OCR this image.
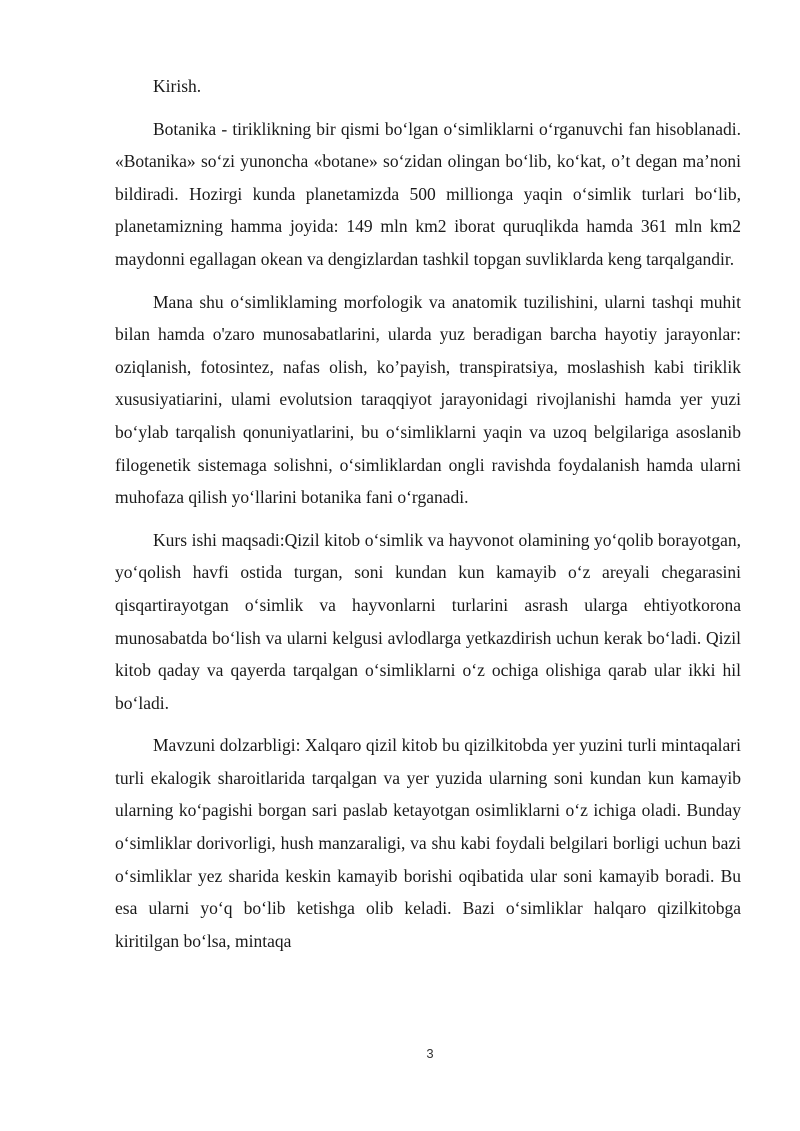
Kirish.

Botanika - tiriklikning bir qismi boʻlgan oʻsimliklarni oʻrganuvchi fan hisoblanadi. «Botanika» soʻzi yunoncha «botane» soʻzidan olingan boʻlib, koʻkat, o’t degan ma’noni bildiradi. Hozirgi kunda planetamizda 500 millionga yaqin oʻsimlik turlari boʻlib, planetamizning hamma joyida: 149 mln km2 iborat quruqlikda hamda 361 mln km2 maydonni egallagan okean va dengizlardan tashkil topgan suvliklarda keng tarqalgandir.

Mana shu oʻsimliklaming morfologik va anatomik tuzilishini, ularni tashqi muhit bilan hamda o'zaro munosabatlarini, ularda yuz beradigan barcha hayotiy jarayonlar: oziqlanish, fotosintez, nafas olish, ko’payish, transpiratsiya, moslashish kabi tiriklik xususiyatiarini, ulami evolutsion taraqqiyot jarayonidagi rivojlanishi hamda yer yuzi boʻylab tarqalish qonuniyatlarini, bu oʻsimliklarni yaqin va uzoq belgilariga asoslanib filogenetik sistemaga solishni, oʻsimliklardan ongli ravishda foydalanish hamda ularni muhofaza qilish yoʻllarini botanika fani oʻrganadi.

Kurs ishi maqsadi:Qizil kitob oʻsimlik va hayvonot olamining yoʻqolib borayotgan, yoʻqolish havfi ostida turgan, soni kundan kun kamayib oʻz areyali chegarasini qisqartirayotgan oʻsimlik va hayvonlarni turlarini asrash ularga ehtiyotkorona munosabatda boʻlish va ularni kelgusi avlodlarga yetkazdirish uchun kerak boʻladi. Qizil kitob qaday va qayerda tarqalgan oʻsimliklarni oʻz ochiga olishiga qarab ular ikki hil boʻladi.

Mavzuni dolzarbligi: Xalqaro qizil kitob bu qizilkitobda yer yuzini turli mintaqalari turli ekalogik sharoitlarida tarqalgan va yer yuzida ularning soni kundan kun kamayib ularning koʻpagishi borgan sari paslab ketayotgan osimliklarni oʻz ichiga oladi. Bunday oʻsimliklar dorivorligi, hush manzaraligi, va shu kabi foydali belgilari borligi uchun bazi oʻsimliklar yez sharida keskin kamayib borishi oqibatida ular soni kamayib boradi. Bu esa ularni yoʻq boʻlib ketishga olib keladi. Bazi oʻsimliklar halqaro qizilkitobga kiritilgan boʻlsa, mintaqa

3
